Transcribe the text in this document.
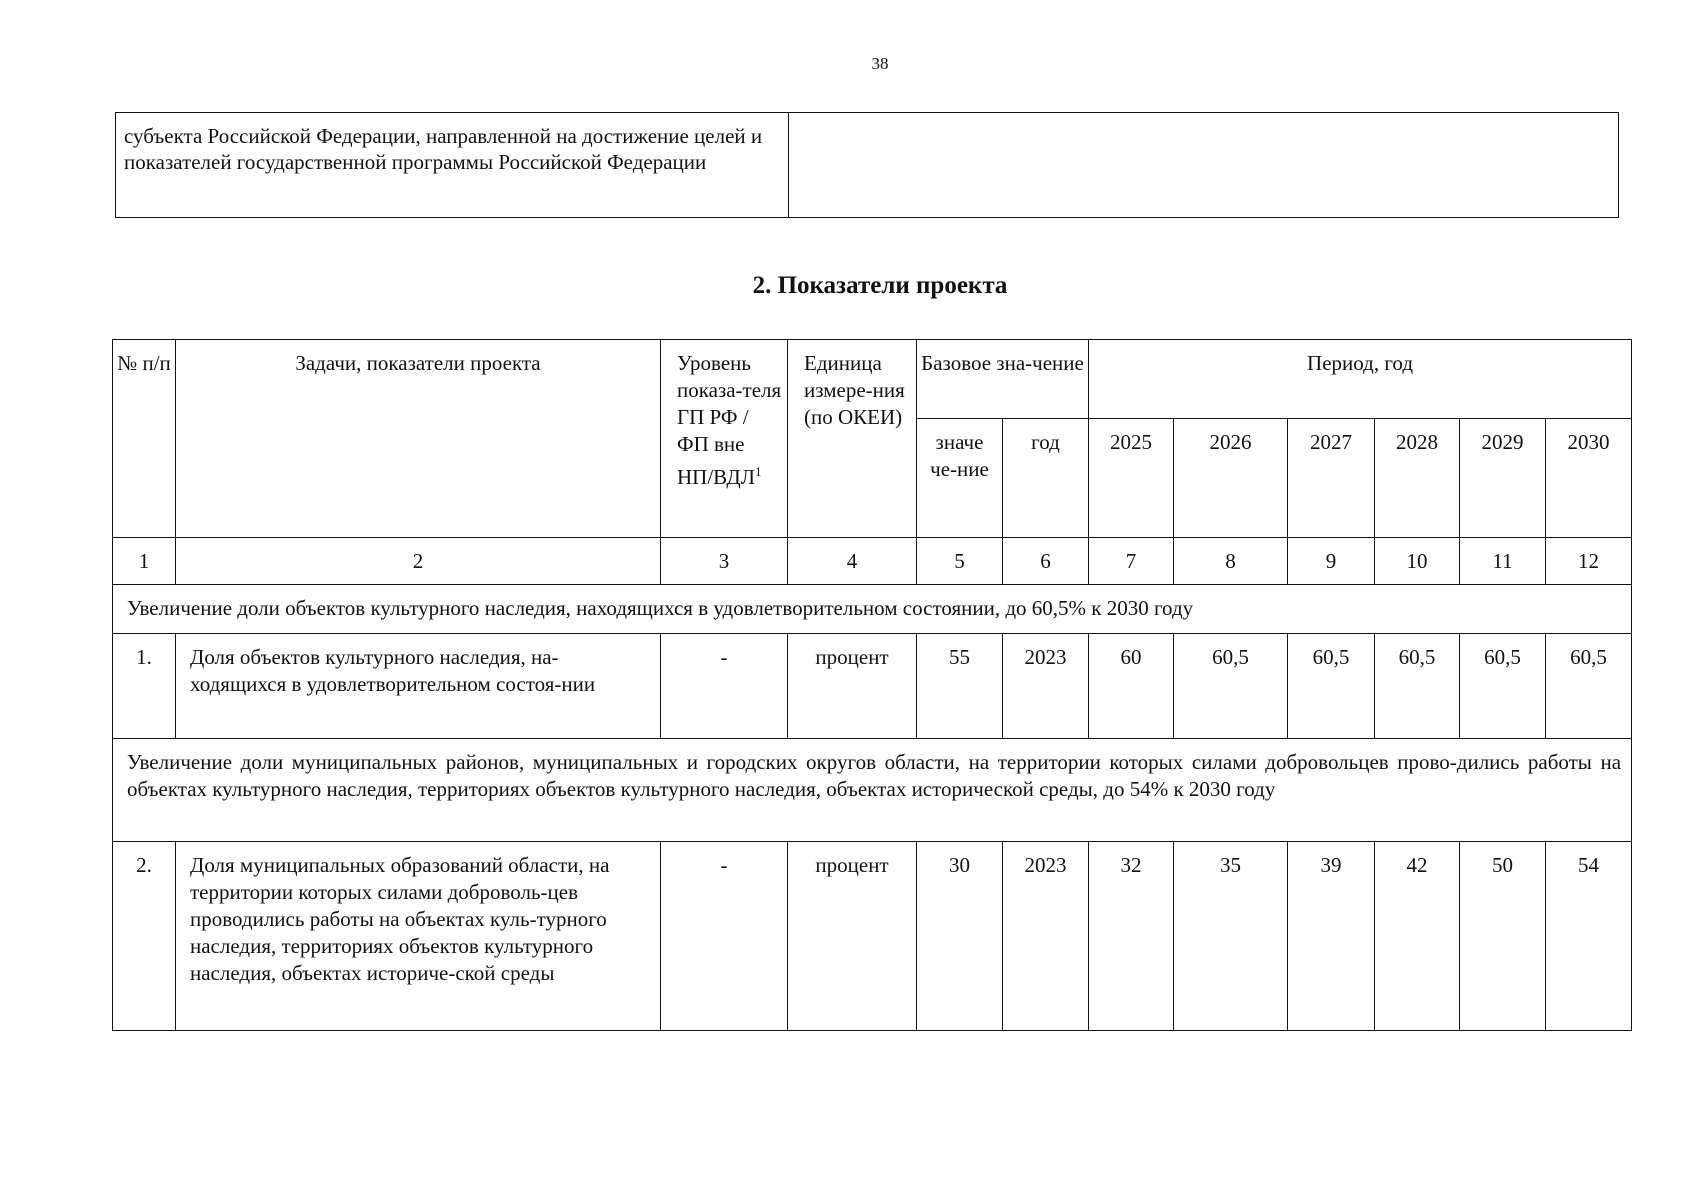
38
субъекта Российской Федерации, направленной на достижение целей и показателей государственной программы Российской Федерации	
2. Показатели проекта
№ п/п	Задачи, показатели проекта	Уровень показа-теля ГП РФ / ФП вне НП/ВДЛ$^1$	Единица измере-ния (по ОКЕИ)	Базовое зна-чение		Период, год					
				значе че-ние	год	2025	2026	2027	2028	2029	2030
1	2	3	4	5	6	7	8	9	10	11	12
Увеличение доли объектов культурного наследия, находящихся в удовлетворительном состоянии, до 60,5% к 2030 году											
1.	Доля объектов культурного наследия, на-ходящихся в удовлетворительном состоя-нии	-	процент	55	2023	60	60,5	60,5	60,5	60,5	60,5
Увеличение доли муниципальных районов, муниципальных и городских округов области, на территории которых силами добровольцев прово-дились работы на объектах культурного наследия, территориях объектов культурного наследия, объектах исторической среды, до 54% к 2030 году											
2.	Доля муниципальных образований области, на территории которых силами доброволь-цев проводились работы на объектах куль-турного наследия, территориях объектов культурного наследия, объектах историче-ской среды	-	процент	30	2023	32	35	39	42	50	54
